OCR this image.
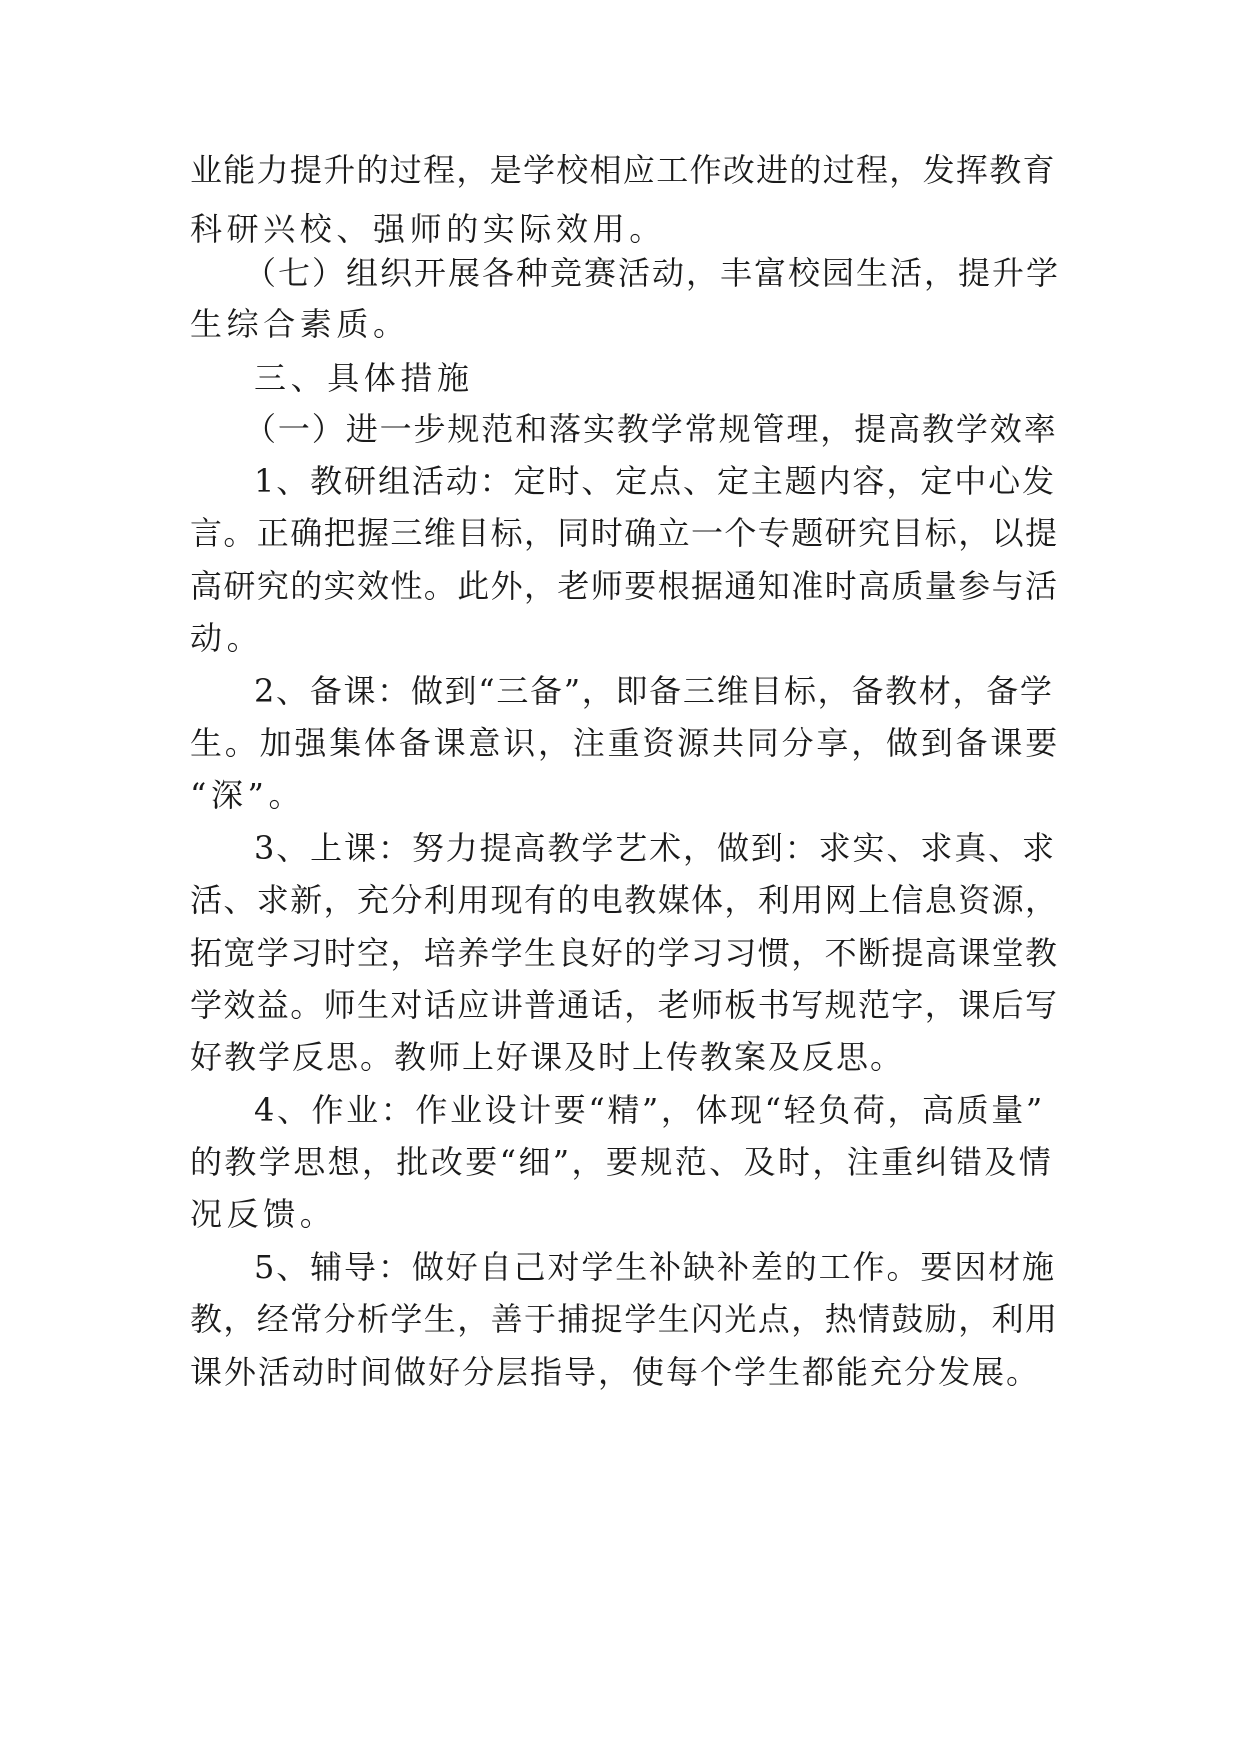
业能力提升的过程，是学校相应工作改进的过程，发挥教育
科研兴校、强师的实际效用。
（七）组织开展各种竞赛活动，丰富校园生活，提升学
生综合素质。
三、具体措施
（一）进一步规范和落实教学常规管理，提高教学效率
1、教研组活动：定时、定点、定主题内容，定中心发
言。正确把握三维目标，同时确立一个专题研究目标，以提
高研究的实效性。此外，老师要根据通知准时高质量参与活
动。
2、备课：做到“三备”，即备三维目标，备教材，备学
生。加强集体备课意识，注重资源共同分享，做到备课要
“深”。
3、上课：努力提高教学艺术，做到：求实、求真、求
活、求新，充分利用现有的电教媒体，利用网上信息资源，
拓宽学习时空，培养学生良好的学习习惯，不断提高课堂教
学效益。师生对话应讲普通话，老师板书写规范字，课后写
好教学反思。教师上好课及时上传教案及反思。
4、作业：作业设计要“精”，体现“轻负荷，高质量”
的教学思想，批改要“细”，要规范、及时，注重纠错及情
况反馈。
5、辅导：做好自己对学生补缺补差的工作。要因材施
教，经常分析学生，善于捕捉学生闪光点，热情鼓励，利用
课外活动时间做好分层指导，使每个学生都能充分发展。
